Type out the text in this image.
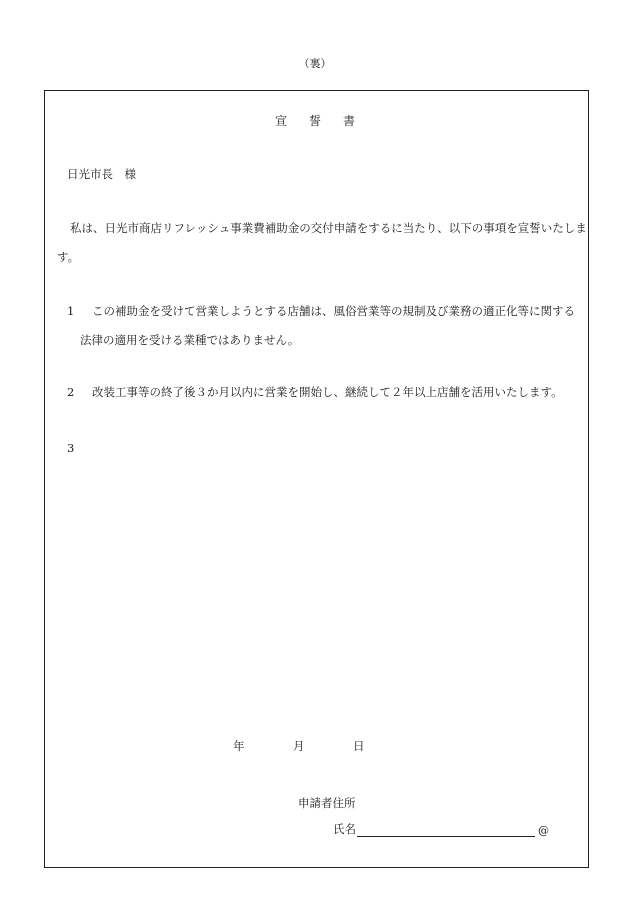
（裏）
宣誓書
日光市長　様
私は、日光市商店リフレッシュ事業費補助金の交付申請をするに当たり、以下の事項を宣誓いたします。
1 この補助金を受けて営業しようとする店舗は、風俗営業等の規制及び業務の適正化等に関する
法律の適用を受ける業種ではありません。
2 改装工事等の終了後３か月以内に営業を開始し、継続して２年以上店舗を活用いたします。
3
年	月	日
申請者住所
氏名	@
